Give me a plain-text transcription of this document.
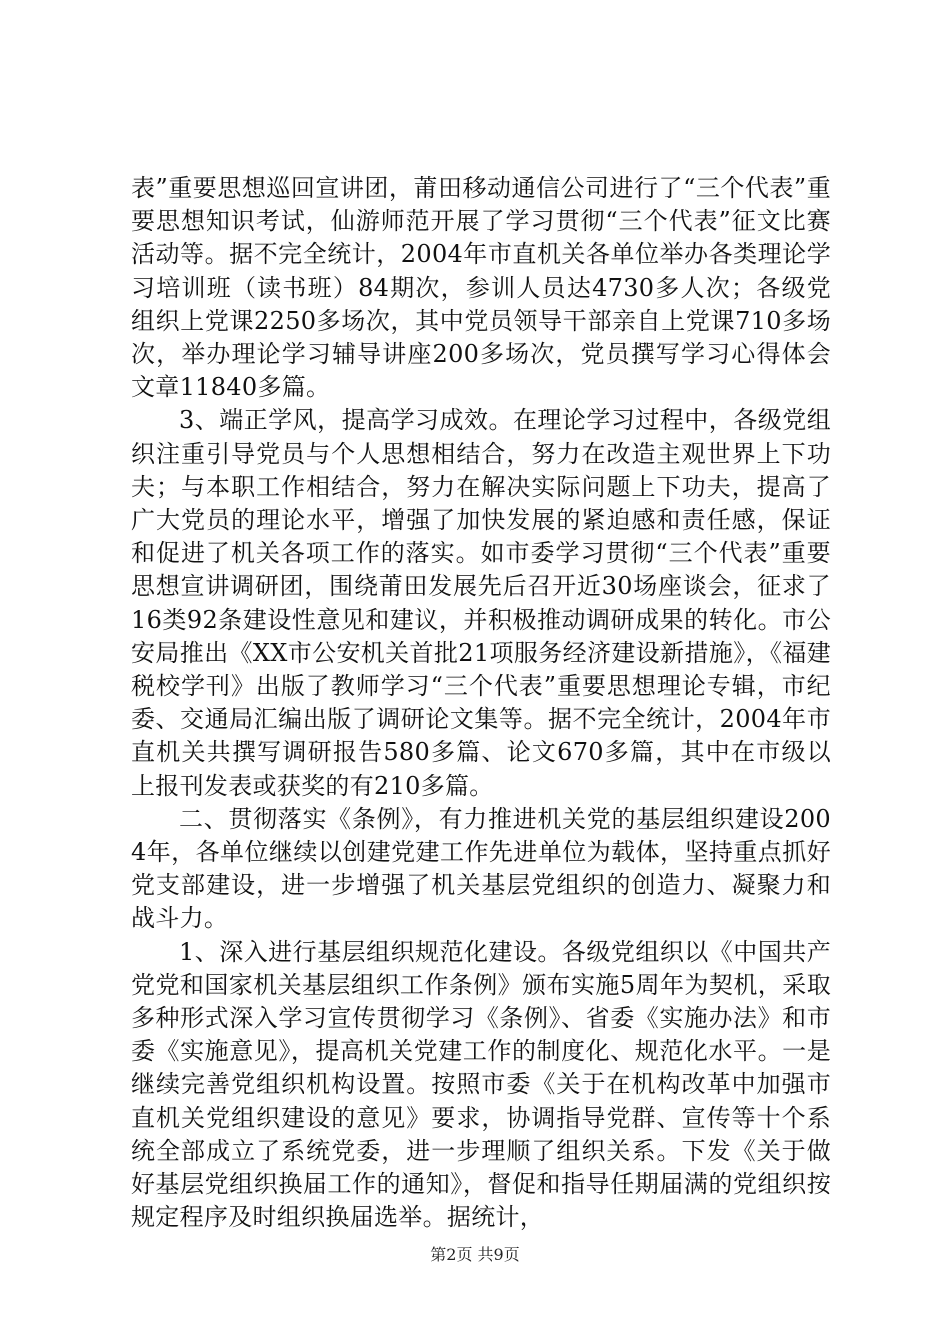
表”重要思想巡回宣讲团，莆田移动通信公司进行了“三个代表”重要思想知识考试，仙游师范开展了学习贯彻“三个代表”征文比赛活动等。据不完全统计，2004年市直机关各单位举办各类理论学习培训班（读书班）84期次，参训人员达4730多人次；各级党组织上党课2250多场次，其中党员领导干部亲自上党课710多场次，举办理论学习辅导讲座200多场次，党员撰写学习心得体会文章11840多篇。

3、端正学风，提高学习成效。在理论学习过程中，各级党组织注重引导党员与个人思想相结合，努力在改造主观世界上下功夫；与本职工作相结合，努力在解决实际问题上下功夫，提高了广大党员的理论水平，增强了加快发展的紧迫感和责任感，保证和促进了机关各项工作的落实。如市委学习贯彻“三个代表”重要思想宣讲调研团，围绕莆田发展先后召开近30场座谈会，征求了16类92条建设性意见和建议，并积极推动调研成果的转化。市公安局推出《XX市公安机关首批21项服务经济建设新措施》，《福建税校学刊》出版了教师学习“三个代表”重要思想理论专辑，市纪委、交通局汇编出版了调研论文集等。据不完全统计，2004年市直机关共撰写调研报告580多篇、论文670多篇，其中在市级以上报刊发表或获奖的有210多篇。

二、贯彻落实《条例》，有力推进机关党的基层组织建设2004年，各单位继续以创建党建工作先进单位为载体，坚持重点抓好党支部建设，进一步增强了机关基层党组织的创造力、凝聚力和战斗力。

1、深入进行基层组织规范化建设。各级党组织以《中国共产党党和国家机关基层组织工作条例》颁布实施5周年为契机，采取多种形式深入学习宣传贯彻学习《条例》、省委《实施办法》和市委《实施意见》，提高机关党建工作的制度化、规范化水平。一是继续完善党组织机构设置。按照市委《关于在机构改革中加强市直机关党组织建设的意见》要求，协调指导党群、宣传等十个系统全部成立了系统党委，进一步理顺了组织关系。下发《关于做好基层党组织换届工作的通知》，督促和指导任期届满的党组织按规定程序及时组织换届选举。据统计，

第2页 共9页
